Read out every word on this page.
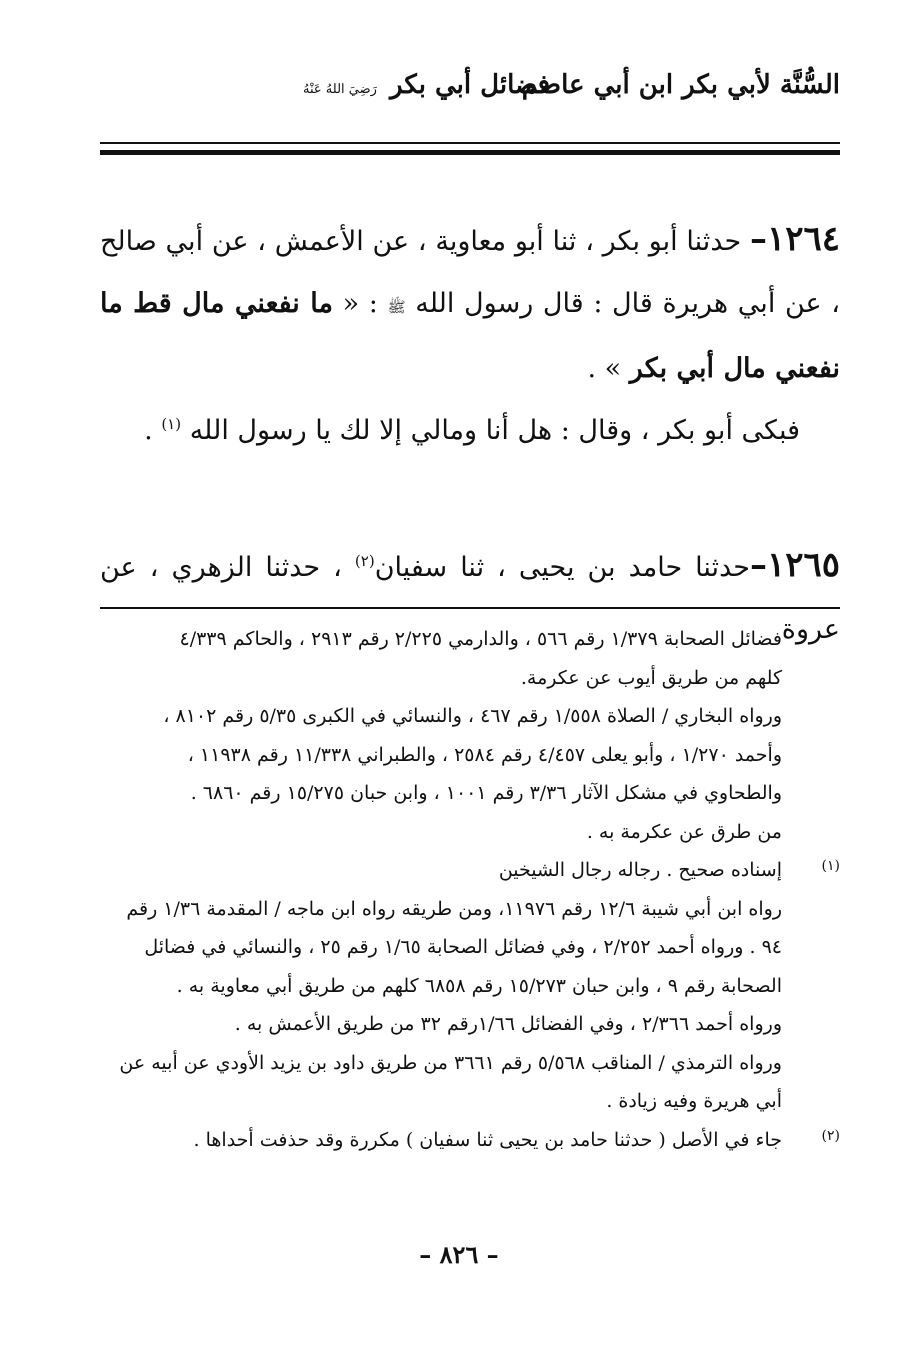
السُّنَّة لأبي بكر ابن أبي عاصم
فضائل أبي بكر رَضِيَ اللهُ عَنْهُ

١٢٦٤– حدثنا أبو بكر ، ثنا أبو معاوية ، عن الأعمش ، عن أبي صالح ، عن أبي هريرة قال : قال رسول الله ﷺ : « ما نفعني مال قط ما نفعني مال أبي بكر » .

فبكى أبو بكر ، وقال : هل أنا ومالي إلا لك يا رسول الله $^{(١)}$ .

١٢٦٥–حدثنا حامد بن يحيى ، ثنا سفيان$^{(٢)}$ ، حدثنا الزهري ، عن عروة

فضائل الصحابة ١/٣٧٩ رقم ٥٦٦ ، والدارمي ٢/٢٢٥ رقم ٢٩١٣ ، والحاكم ٤/٣٣٩
كلهم من طريق أيوب عن عكرمة.
ورواه البخاري / الصلاة ١/٥٥٨ رقم ٤٦٧ ، والنسائي في الكبرى ٥/٣٥ رقم ٨١٠٢ ،
وأحمد ١/٢٧٠ ، وأبو يعلى ٤/٤٥٧ رقم ٢٥٨٤ ، والطبراني ١١/٣٣٨ رقم ١١٩٣٨ ،
والطحاوي في مشكل الآثار ٣/٣٦ رقم ١٠٠١ ، وابن حبان ١٥/٢٧٥ رقم ٦٨٦٠ .
من طرق عن عكرمة به .
(١)
إسناده صحيح . رجاله رجال الشيخين
رواه ابن أبي شيبة ١٢/٦ رقم ١١٩٧٦، ومن طريقه رواه ابن ماجه / المقدمة ١/٣٦ رقم
٩٤ . ورواه أحمد ٢/٢٥٢ ، وفي فضائل الصحابة ١/٦٥ رقم ٢٥ ، والنسائي في فضائل
الصحابة رقم ٩ ، وابن حبان ١٥/٢٧٣ رقم ٦٨٥٨ كلهم من طريق أبي معاوية به .
ورواه أحمد ٢/٣٦٦ ، وفي الفضائل ١/٦٦رقم ٣٢ من طريق الأعمش به .
ورواه الترمذي / المناقب ٥/٥٦٨ رقم ٣٦٦١ من طريق داود بن يزيد الأودي عن أبيه عن
أبي هريرة وفيه زيادة .
(٢)
جاء في الأصل ( حدثنا حامد بن يحيى ثنا سفيان ) مكررة وقد حذفت أحداها .
– ٨٢٦ –
